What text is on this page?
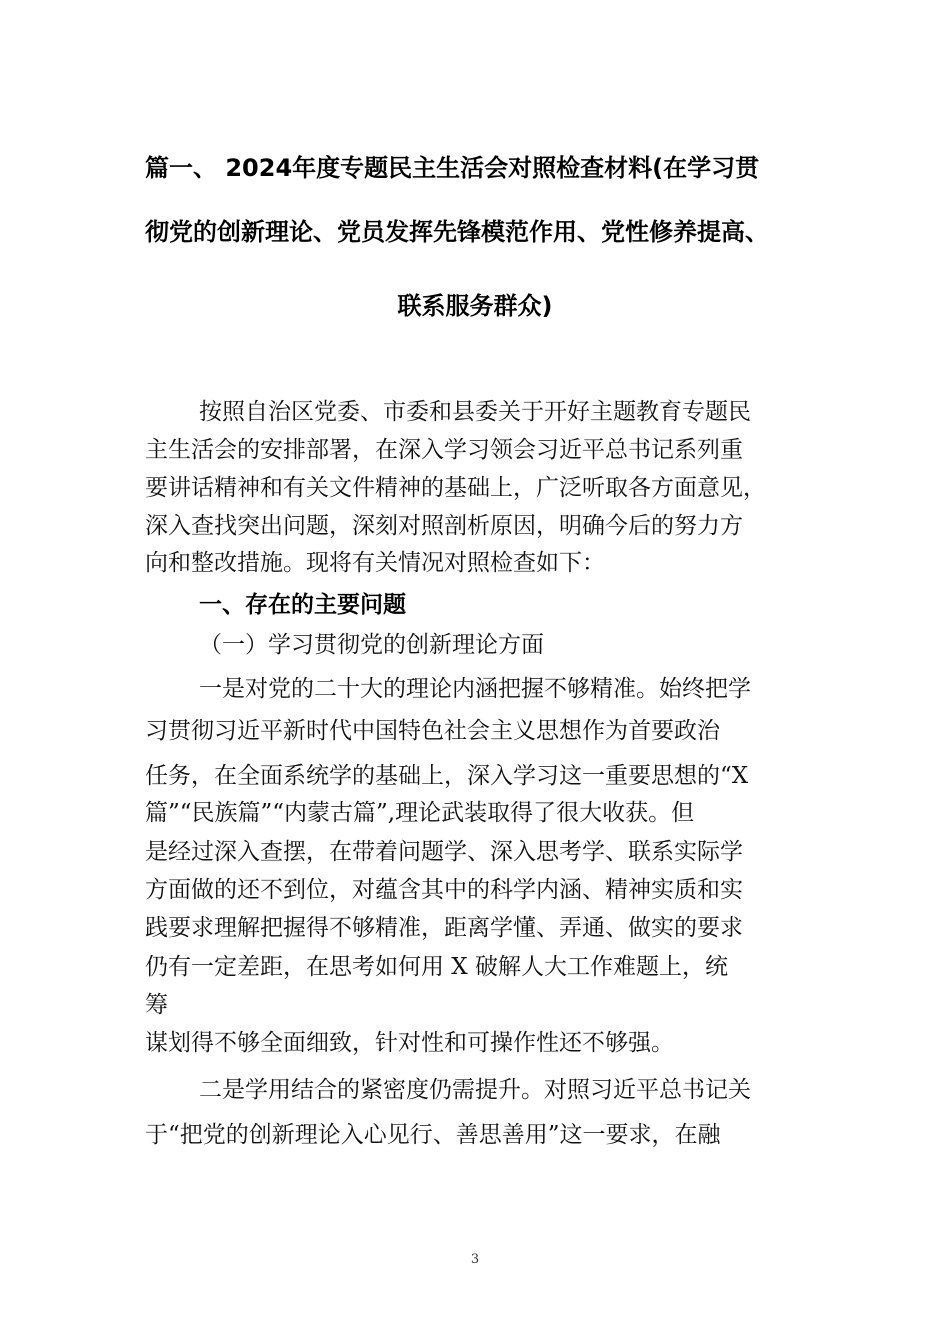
篇一、 2024年度专题民主生活会对照检查材料(在学习贯
彻党的创新理论、党员发挥先锋模范作用、党性修养提高、
联系服务群众)
按照自治区党委、市委和县委关于开好主题教育专题民
主生活会的安排部署，在深入学习领会习近平总书记系列重
要讲话精神和有关文件精神的基础上，广泛听取各方面意见，
深入查找突出问题，深刻对照剖析原因，明确今后的努力方
向和整改措施。现将有关情况对照检查如下：
一、存在的主要问题
（一）学习贯彻党的创新理论方面
一是对党的二十大的理论内涵把握不够精准。始终把学
习贯彻习近平新时代中国特色社会主义思想作为首要政治
任务，在全面系统学的基础上，深入学习这一重要思想的“X
篇”“民族篇”“内蒙古篇”,理论武装取得了很大收获。但
是经过深入查摆，在带着问题学、深入思考学、联系实际学
方面做的还不到位，对蕴含其中的科学内涵、精神实质和实
践要求理解把握得不够精准，距离学懂、弄通、做实的要求
仍有一定差距，在思考如何用 X 破解人大工作难题上，统
筹
谋划得不够全面细致，针对性和可操作性还不够强。
二是学用结合的紧密度仍需提升。对照习近平总书记关
于“把党的创新理论入心见行、善思善用”这一要求，在融
3
